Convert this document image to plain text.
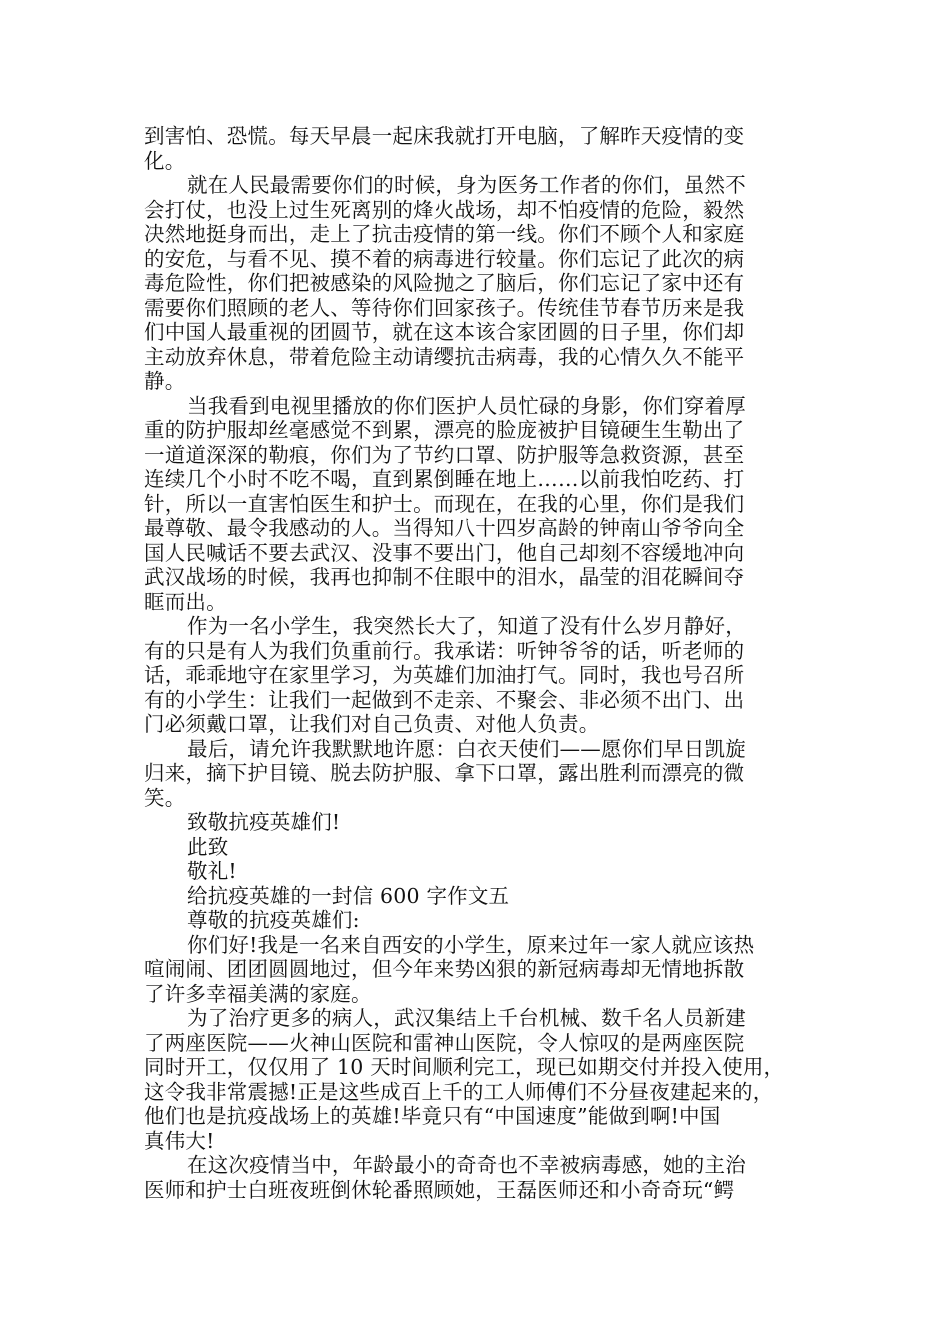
到害怕、恐慌。每天早晨一起床我就打开电脑，了解昨天疫情的变
化。
就在人民最需要你们的时候，身为医务工作者的你们，虽然不
会打仗，也没上过生死离别的烽火战场，却不怕疫情的危险，毅然
决然地挺身而出，走上了抗击疫情的第一线。你们不顾个人和家庭
的安危，与看不见、摸不着的病毒进行较量。你们忘记了此次的病
毒危险性，你们把被感染的风险抛之了脑后，你们忘记了家中还有
需要你们照顾的老人、等待你们回家孩子。传统佳节春节历来是我
们中国人最重视的团圆节，就在这本该合家团圆的日子里，你们却
主动放弃休息，带着危险主动请缨抗击病毒，我的心情久久不能平
静。
当我看到电视里播放的你们医护人员忙碌的身影，你们穿着厚
重的防护服却丝毫感觉不到累，漂亮的脸庞被护目镜硬生生勒出了
一道道深深的勒痕，你们为了节约口罩、防护服等急救资源，甚至
连续几个小时不吃不喝，直到累倒睡在地上……以前我怕吃药、打
针，所以一直害怕医生和护士。而现在，在我的心里，你们是我们
最尊敬、最令我感动的人。当得知八十四岁高龄的钟南山爷爷向全
国人民喊话不要去武汉、没事不要出门，他自己却刻不容缓地冲向
武汉战场的时候，我再也抑制不住眼中的泪水，晶莹的泪花瞬间夺
眶而出。
作为一名小学生，我突然长大了，知道了没有什么岁月静好，
有的只是有人为我们负重前行。我承诺：听钟爷爷的话，听老师的
话，乖乖地守在家里学习，为英雄们加油打气。同时，我也号召所
有的小学生：让我们一起做到不走亲、不聚会、非必须不出门、出
门必须戴口罩，让我们对自己负责、对他人负责。
最后，请允许我默默地许愿：白衣天使们——愿你们早日凯旋
归来，摘下护目镜、脱去防护服、拿下口罩，露出胜利而漂亮的微
笑。
致敬抗疫英雄们!
此致
敬礼!
给抗疫英雄的一封信 600 字作文五
尊敬的抗疫英雄们:
你们好!我是一名来自西安的小学生，原来过年一家人就应该热
喧闹闹、团团圆圆地过，但今年来势凶狠的新冠病毒却无情地拆散
了许多幸福美满的家庭。
为了治疗更多的病人，武汉集结上千台机械、数千名人员新建
了两座医院——火神山医院和雷神山医院，令人惊叹的是两座医院
同时开工，仅仅用了 10 天时间顺利完工，现已如期交付并投入使用，
这令我非常震撼!正是这些成百上千的工人师傅们不分昼夜建起来的，
他们也是抗疫战场上的英雄!毕竟只有“中国速度”能做到啊!中国
真伟大!
在这次疫情当中，年龄最小的奇奇也不幸被病毒感，她的主治
医师和护士白班夜班倒休轮番照顾她，王磊医师还和小奇奇玩“鳄
